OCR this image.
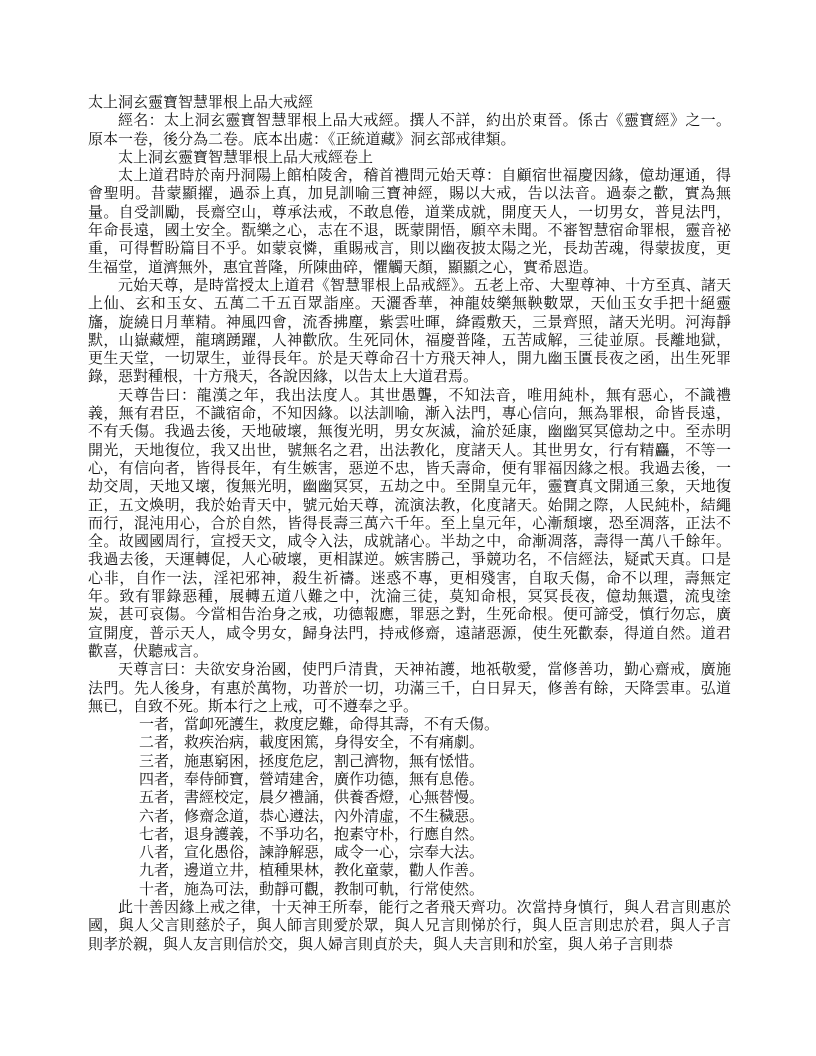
太上洞玄靈寶智慧罪根上品大戒經

經名：太上洞玄靈寶智慧罪根上品大戒經。撰人不詳，約出於東晉。係古《靈寶經》之一。原本一卷，後分為二卷。底本出處：《正統道藏》洞玄部戒律類。

太上洞玄靈寶智慧罪根上品大戒經卷上

太上道君時於南丹洞陽上館柏陵舍，稽首禮問元始天尊：自顧宿世福慶因緣，億劫運通，得會聖明。昔蒙顯擢，過忝上真，加見訓喻三寶神經，賜以大戒，告以法音。過泰之歡，實為無量。自受訓勵，長齋空山，尊承法戒，不敢息倦，道業成就，開度天人，一切男女，普見法門，年命長遠，國土安全。翫樂之心，志在不退，既蒙開悟，願卒未聞。不審智慧宿命罪根，靈音祕重，可得暫盼篇目不乎。如蒙哀憐，重賜戒言，則以幽夜披太陽之光，長劫苦魂，得蒙拔度，更生福堂，道濟無外，惠宜普隆，所陳曲碎，懼觸天顏，顯顯之心，實希恩造。

元始天尊，是時當授太上道君《智慧罪根上品戒經》。五老上帝、大聖尊神、十方至真、諸天上仙、玄和玉女、五萬二千五百眾詣座。天灑香華，神龍妓樂無鞅數眾，天仙玉女手把十絕靈旛，旋繞日月華精。神風四會，流香拂塵，紫雲吐暉，絳霞敷天，三景齊照，諸天光明。河海靜默，山嶽藏煙，龍璃踴躍，人神歡欣。生死同休，福慶普隆，五苦咸解，三徒並原。長離地獄，更生天堂，一切眾生，並得長年。於是天尊命召十方飛天神人，開九幽玉匱長夜之函，出生死罪錄，惡對種根，十方飛天，各說因緣，以告太上大道君焉。

天尊告曰：龍漢之年，我出法度人。其世愚聾，不知法音，唯用純朴，無有惡心，不識禮義，無有君臣，不識宿命，不知因緣。以法訓喻，漸入法門，專心信向，無為罪根，命皆長遠，不有夭傷。我過去後，天地破壞，無復光明，男女灰滅，淪於延康，幽幽冥冥億劫之中。至赤明開光，天地復位，我又出世，號無名之君，出法教化，度諸天人。其世男女，行有精麤，不等一心，有信向者，皆得長年，有生嫉害，惡逆不忠，皆夭壽命，便有罪福因緣之根。我過去後，一劫交周，天地又壞，復無光明，幽幽冥冥，五劫之中。至開皇元年，靈寶真文開通三象，天地復正，五文煥明，我於始青天中，號元始天尊，流演法教，化度諸天。始開之際，人民純朴，結繩而行，混沌用心，合於自然，皆得長壽三萬六千年。至上皇元年，心漸頹壞，恐至凋落，正法不全。故國國周行，宣授天文，咸令入法，成就諸心。半劫之中，命漸凋落，壽得一萬八千餘年。我過去後，天運轉促，人心破壞，更相謀逆。嫉害勝己，爭競功名，不信經法，疑貳天真。口是心非，自作一法，淫祀邪神，殺生祈禱。迷惑不專，更相殘害，自取夭傷，命不以理，壽無定年。致有罪錄惡種，展轉五道八難之中，沈淪三徒，莫知命根，冥冥長夜，億劫無還，流曳塗炭，甚可哀傷。今當相告治身之戒，功德報應，罪惡之對，生死命根。便可諦受，慎行勿忘，廣宣開度，普示天人，咸令男女，歸身法門，持戒修齋，遠諸惡源，使生死歡泰，得道自然。道君歡喜，伏聽戒言。

天尊言曰：夫欲安身治國，使門戶清貴，天神祐護，地祇敬愛，當修善功，勤心齋戒，廣施法門。先人後身，有惠於萬物，功普於一切，功滿三千，白日昇天，修善有餘，天降雲車。弘道無已，自致不死。斯本行之上戒，可不遵奉之乎。

一者，當卹死護生，救度戹難，命得其壽，不有夭傷。

二者，救疾治病，載度困篤，身得安全，不有痛劇。

三者，施惠窮困，拯度危戹，割己濟物，無有恡惜。

四者，奉侍師寶，營靖建舍，廣作功德，無有息倦。

五者，書經校定，晨夕禮誦，供養香燈，心無替慢。

六者，修齋念道，恭心遵法，內外清虛，不生穢惡。

七者，退身護義，不爭功名，抱素守朴，行應自然。

八者，宣化愚俗，諫諍解惡，咸令一心，宗奉大法。

九者，邊道立井，植種果林，教化童蒙，勸人作善。

十者，施為可法，動靜可觀，教制可軌，行常使然。

此十善因緣上戒之律，十天神王所奉，能行之者飛天齊功。次當持身慎行，與人君言則惠於國，與人父言則慈於子，與人師言則愛於眾，與人兄言則悌於行，與人臣言則忠於君，與人子言則孝於親，與人友言則信於交，與人婦言則貞於夫，與人夫言則和於室，與人弟子言則恭
